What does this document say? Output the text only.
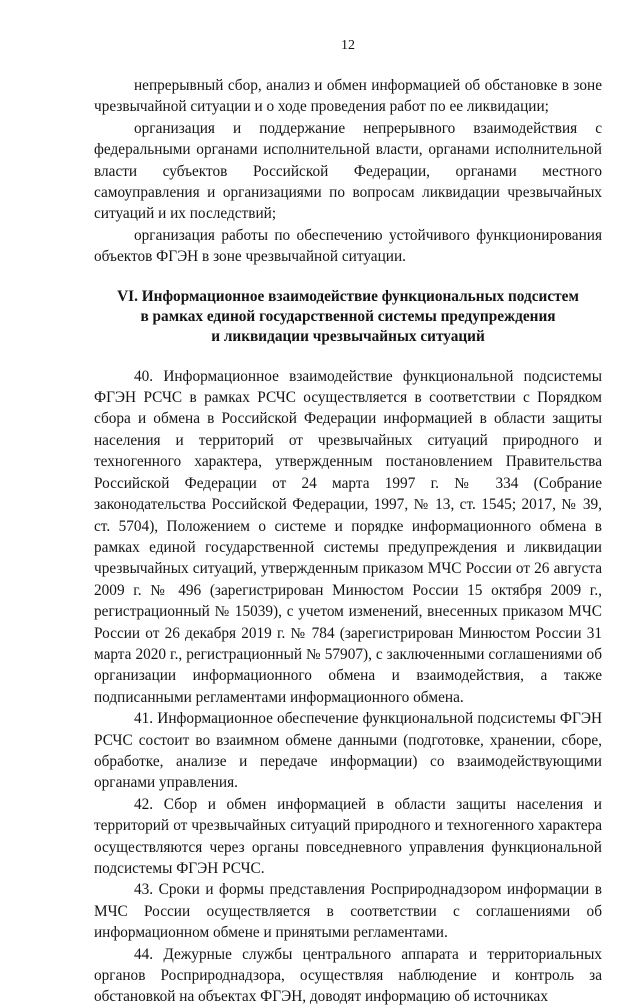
12

непрерывный сбор, анализ и обмен информацией об обстановке в зоне чрезвычайной ситуации и о ходе проведения работ по ее ликвидации;

организация и поддержание непрерывного взаимодействия с федеральными органами исполнительной власти, органами исполнительной власти субъектов Российской Федерации, органами местного самоуправления и организациями по вопросам ликвидации чрезвычайных ситуаций и их последствий;

организация работы по обеспечению устойчивого функционирования объектов ФГЭН в зоне чрезвычайной ситуации.

VI. Информационное взаимодействие функциональных подсистем
в рамках единой государственной системы предупреждения
и ликвидации чрезвычайных ситуаций

40. Информационное взаимодействие функциональной подсистемы ФГЭН РСЧС в рамках РСЧС осуществляется в соответствии с Порядком сбора и обмена в Российской Федерации информацией в области защиты населения и территорий от чрезвычайных ситуаций природного и техногенного характера, утвержденным постановлением Правительства Российской Федерации от 24 марта 1997 г. № 334 (Собрание законодательства Российской Федерации, 1997, № 13, ст. 1545; 2017, № 39, ст. 5704), Положением о системе и порядке информационного обмена в рамках единой государственной системы предупреждения и ликвидации чрезвычайных ситуаций, утвержденным приказом МЧС России от 26 августа 2009 г. № 496 (зарегистрирован Минюстом России 15 октября 2009 г., регистрационный № 15039), с учетом изменений, внесенных приказом МЧС России от 26 декабря 2019 г. № 784 (зарегистрирован Минюстом России 31 марта 2020 г., регистрационный № 57907), с заключенными соглашениями об организации информационного обмена и взаимодействия, а также подписанными регламентами информационного обмена.

41. Информационное обеспечение функциональной подсистемы ФГЭН РСЧС состоит во взаимном обмене данными (подготовке, хранении, сборе, обработке, анализе и передаче информации) со взаимодействующими органами управления.

42. Сбор и обмен информацией в области защиты населения и территорий от чрезвычайных ситуаций природного и техногенного характера осуществляются через органы повседневного управления функциональной подсистемы ФГЭН РСЧС.

43. Сроки и формы представления Росприроднадзором информации в МЧС России осуществляется в соответствии с соглашениями об информационном обмене и принятыми регламентами.

44. Дежурные службы центрального аппарата и территориальных органов Росприроднадзора, осуществляя наблюдение и контроль за обстановкой на объектах ФГЭН, доводят информацию об источниках
